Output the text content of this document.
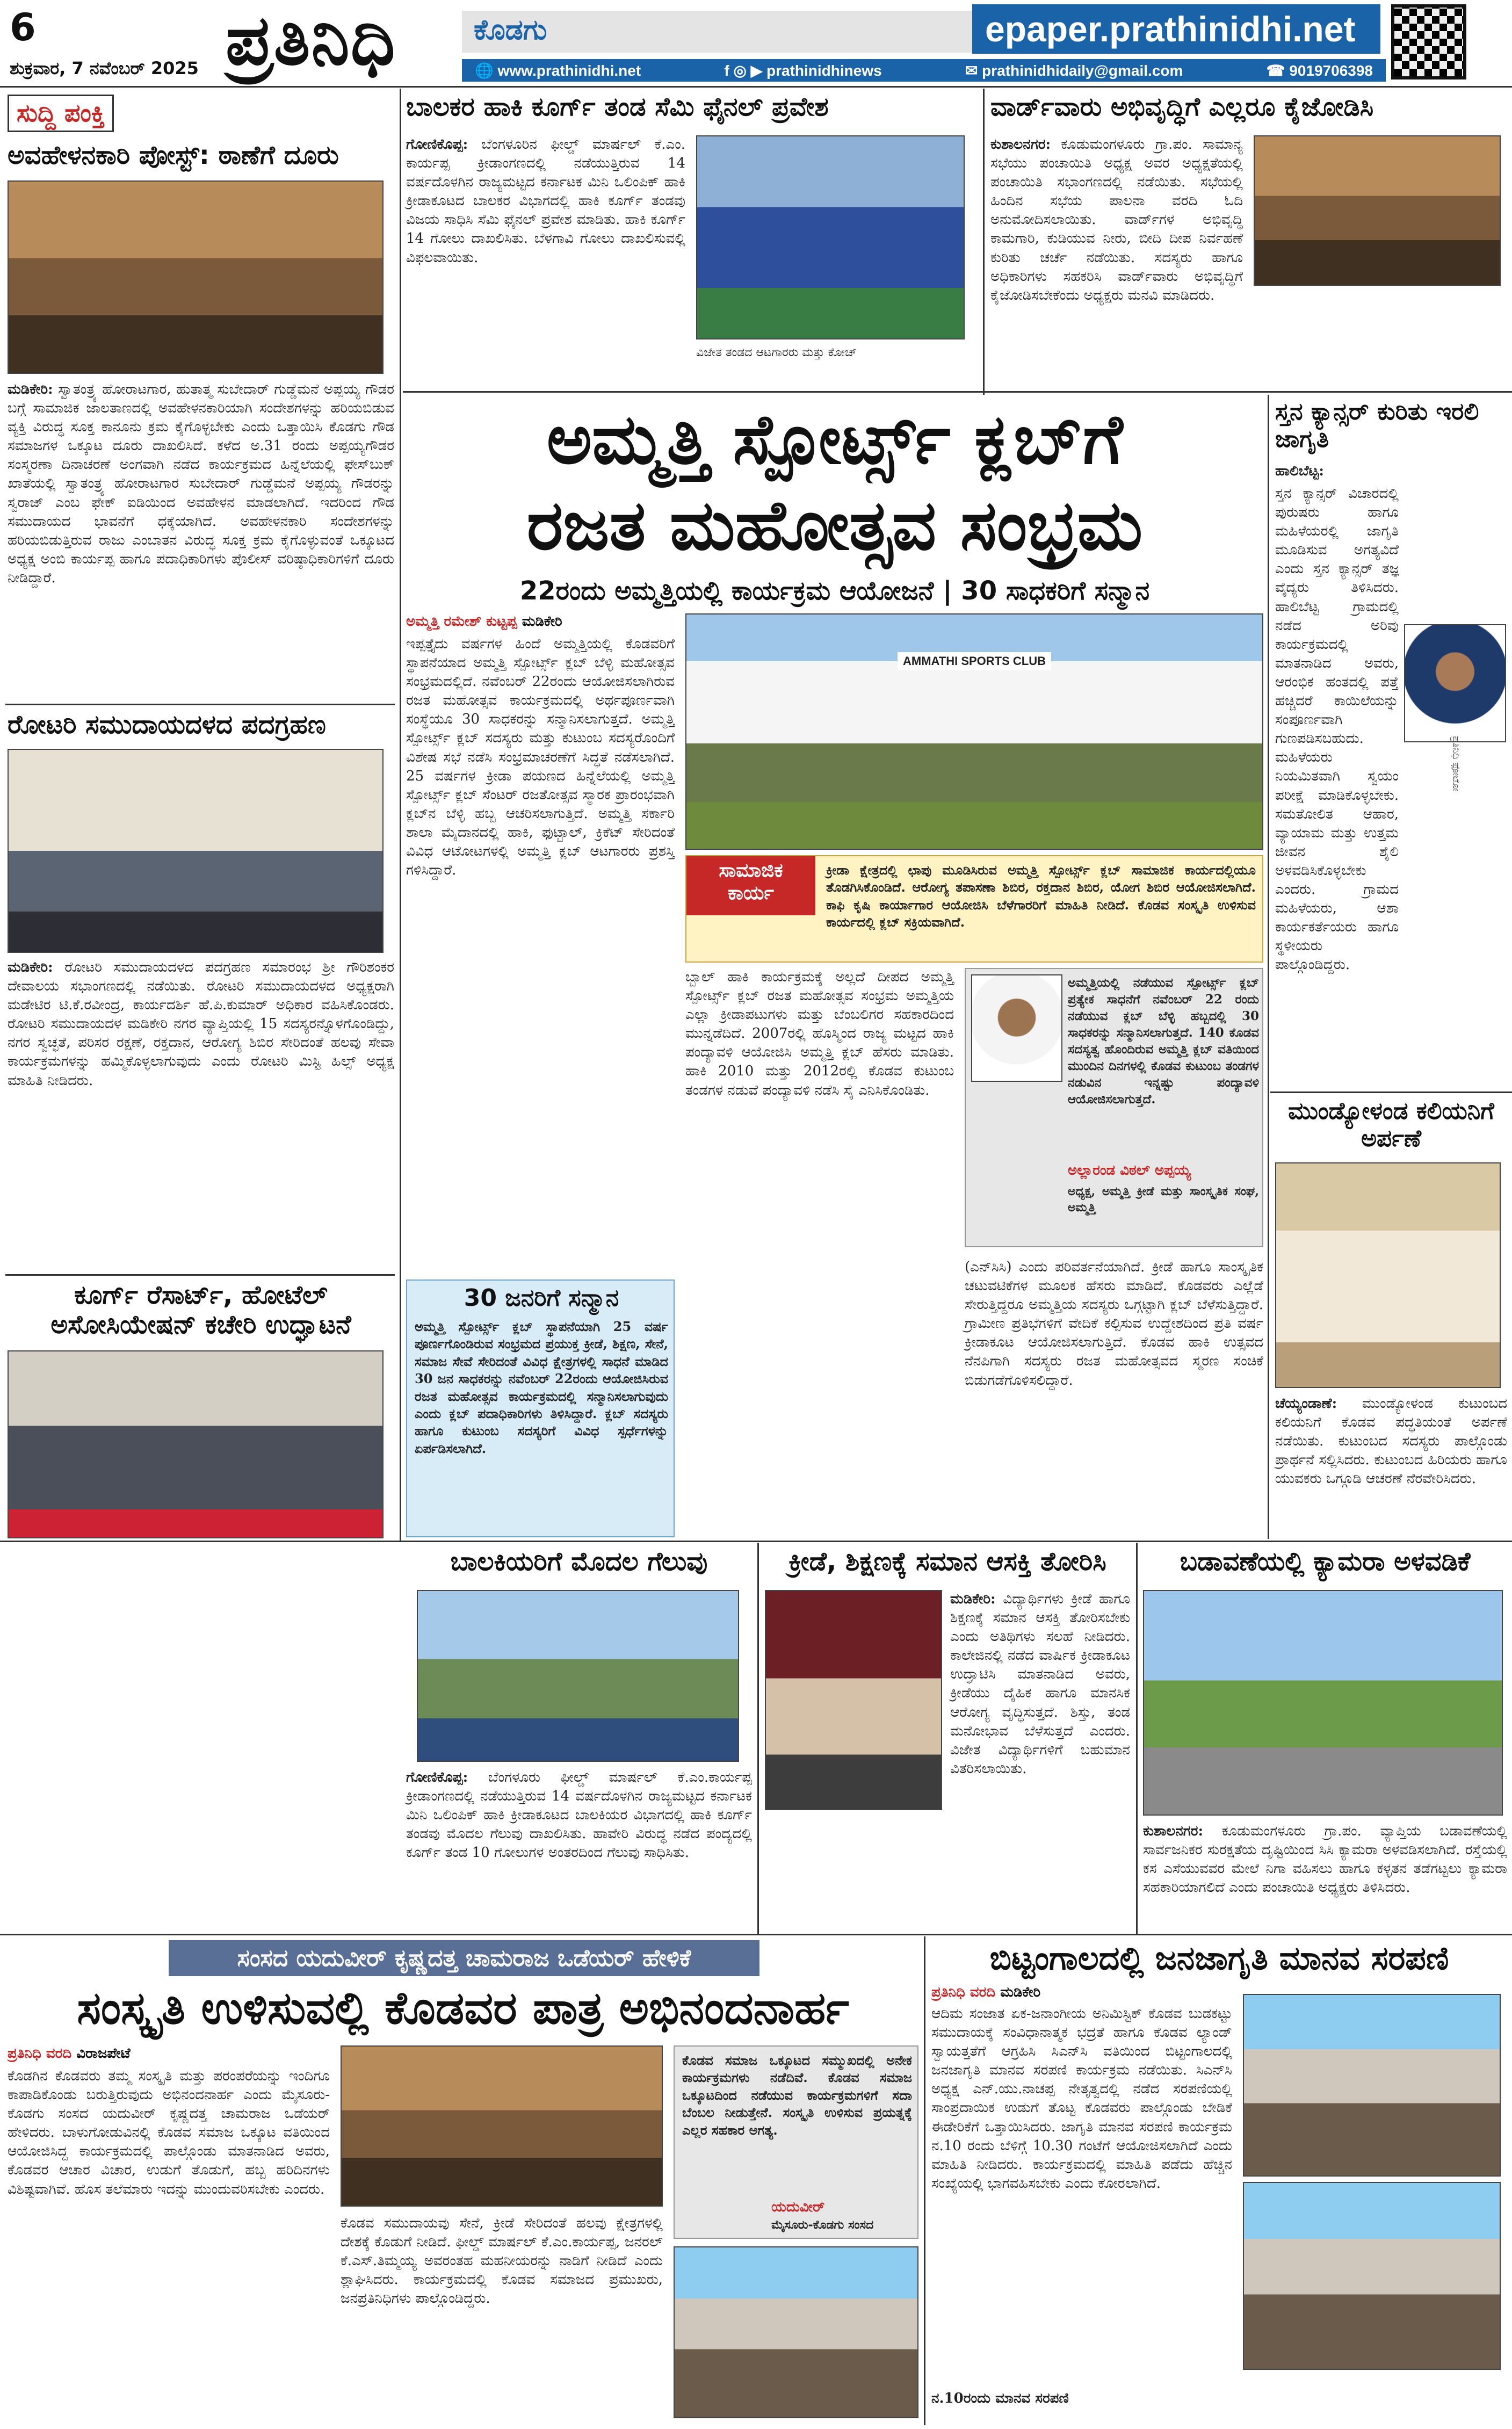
6	ಪ್ರತಿನಿಧಿ	ಕೊಡಗು	epaper.prathinidhi.net
ಶುಕ್ರವಾರ, 7 ನವೆಂಬರ್ 2025	🌐 www.prathinidhi.net	f ◎ ▶ prathinidhinews	✉ prathinidhidaily@gmail.com	☎ 9019706398
ಸುದ್ದಿ ಪಂಕ್ತಿ
ಅವಹೇಳನಕಾರಿ ಪೋಸ್ಟ್: ಠಾಣೆಗೆ ದೂರು
ಮಡಿಕೇರಿ: ಸ್ವಾತಂತ್ರ್ಯ ಹೋರಾಟಗಾರ, ಹುತಾತ್ಮ ಸುಬೇದಾರ್ ಗುಡ್ಡೆಮನೆ ಅಪ್ಪಯ್ಯ ಗೌಡರ ಬಗ್ಗೆ ಸಾಮಾಜಿಕ ಜಾಲತಾಣದಲ್ಲಿ ಅವಹೇಳನಕಾರಿಯಾಗಿ ಸಂದೇಶಗಳನ್ನು ಹರಿಯಬಿಡುವ ವ್ಯಕ್ತಿ ವಿರುದ್ಧ ಸೂಕ್ತ ಕಾನೂನು ಕ್ರಮ ಕೈಗೊಳ್ಳಬೇಕು ಎಂದು ಒತ್ತಾಯಿಸಿ ಕೊಡಗು ಗೌಡ ಸಮಾಜಗಳ ಒಕ್ಕೂಟ ದೂರು ದಾಖಲಿಸಿದೆ. ಕಳೆದ ಅ.31 ರಂದು ಅಪ್ಪಯ್ಯಗೌಡರ ಸಂಸ್ಮರಣಾ ದಿನಾಚರಣೆ ಅಂಗವಾಗಿ ನಡೆದ ಕಾರ್ಯಕ್ರಮದ ಹಿನ್ನೆಲೆಯಲ್ಲಿ ಫೇಸ್‌ಬುಕ್ ಖಾತೆಯಲ್ಲಿ ಸ್ವಾತಂತ್ರ್ಯ ಹೋರಾಟಗಾರ ಸುಬೇದಾರ್ ಗುಡ್ಡೆಮನೆ ಅಪ್ಪಯ್ಯ ಗೌಡರನ್ನು ಸ್ವರಾಜ್ ಎಂಬ ಫೇಕ್ ಐಡಿಯಿಂದ ಅವಹೇಳನ ಮಾಡಲಾಗಿದೆ. ಇದರಿಂದ ಗೌಡ ಸಮುದಾಯದ ಭಾವನೆಗೆ ಧಕ್ಕೆಯಾಗಿದೆ. ಅವಹೇಳನಕಾರಿ ಸಂದೇಶಗಳನ್ನು ಹರಿಯಬಿಡುತ್ತಿರುವ ರಾಜು ಎಂಬಾತನ ವಿರುದ್ಧ ಸೂಕ್ತ ಕ್ರಮ ಕೈಗೊಳ್ಳುವಂತೆ ಒಕ್ಕೂಟದ ಅಧ್ಯಕ್ಷ ಅಂಬಿ ಕಾರ್ಯಪ್ಪ ಹಾಗೂ ಪದಾಧಿಕಾರಿಗಳು ಪೊಲೀಸ್ ವರಿಷ್ಠಾಧಿಕಾರಿಗಳಿಗೆ ದೂರು ನೀಡಿದ್ದಾರೆ.
ರೋಟರಿ ಸಮುದಾಯದಳದ ಪದಗ್ರಹಣ
ಮಡಿಕೇರಿ: ರೋಟರಿ ಸಮುದಾಯದಳದ ಪದಗ್ರಹಣ ಸಮಾರಂಭ ಶ್ರೀ ಗೌರಿಶಂಕರ ದೇವಾಲಯ ಸಭಾಂಗಣದಲ್ಲಿ ನಡೆಯಿತು. ರೋಟರಿ ಸಮುದಾಯದಳದ ಅಧ್ಯಕ್ಷರಾಗಿ ಮಡೇಟಿರ ಟಿ.ಕೆ.ರವೀಂದ್ರ, ಕಾರ್ಯದರ್ಶಿ ಹೆ.ಪಿ.ಕುಮಾರ್ ಅಧಿಕಾರ ವಹಿಸಿಕೊಂಡರು. ರೋಟರಿ ಸಮುದಾಯದಳ ಮಡಿಕೇರಿ ನಗರ ವ್ಯಾಪ್ತಿಯಲ್ಲಿ 15 ಸದಸ್ಯರನ್ನೊಳಗೊಂಡಿದ್ದು, ನಗರ ಸ್ವಚ್ಛತೆ, ಪರಿಸರ ರಕ್ಷಣೆ, ರಕ್ತದಾನ, ಆರೋಗ್ಯ ಶಿಬಿರ ಸೇರಿದಂತೆ ಹಲವು ಸೇವಾ ಕಾರ್ಯಕ್ರಮಗಳನ್ನು ಹಮ್ಮಿಕೊಳ್ಳಲಾಗುವುದು ಎಂದು ರೋಟರಿ ಮಿಸ್ಟಿ ಹಿಲ್ಸ್ ಅಧ್ಯಕ್ಷ ಮಾಹಿತಿ ನೀಡಿದರು.
ಕೂರ್ಗ್ ರೆಸಾರ್ಟ್, ಹೋಟೆಲ್ ಅಸೋಸಿಯೇಷನ್ ಕಚೇರಿ ಉದ್ಘಾಟನೆ
ಬಾಲಕರ ಹಾಕಿ ಕೂರ್ಗ್ ತಂಡ ಸೆಮಿ ಫೈನಲ್ ಪ್ರವೇಶ
ಗೋಣಿಕೊಪ್ಪ: ಬೆಂಗಳೂರಿನ ಫೀಲ್ಡ್ ಮಾರ್ಷಲ್ ಕೆ.ಎಂ. ಕಾರ್ಯಪ್ಪ ಕ್ರೀಡಾಂಗಣದಲ್ಲಿ ನಡೆಯುತ್ತಿರುವ 14 ವರ್ಷದೊಳಗಿನ ರಾಜ್ಯಮಟ್ಟದ ಕರ್ನಾಟಕ ಮಿನಿ ಒಲಿಂಪಿಕ್ ಹಾಕಿ ಕ್ರೀಡಾಕೂಟದ ಬಾಲಕರ ವಿಭಾಗದಲ್ಲಿ ಹಾಕಿ ಕೂರ್ಗ್ ತಂಡವು ವಿಜಯ ಸಾಧಿಸಿ ಸೆಮಿ ಫೈನಲ್ ಪ್ರವೇಶ ಮಾಡಿತು. ಹಾಕಿ ಕೂರ್ಗ್ 14 ಗೋಲು ದಾಖಲಿಸಿತು. ಬೆಳಗಾವಿ ಗೋಲು ದಾಖಲಿಸುವಲ್ಲಿ ವಿಫಲವಾಯಿತು.
ವಿಜೇತ ತಂಡದ ಆಟಗಾರರು ಮತ್ತು ಕೋಚ್
ವಾರ್ಡ್‌ವಾರು ಅಭಿವೃದ್ಧಿಗೆ ಎಲ್ಲರೂ ಕೈಜೋಡಿಸಿ
ಕುಶಾಲನಗರ: ಕೂಡುಮಂಗಳೂರು ಗ್ರಾ.ಪಂ. ಸಾಮಾನ್ಯ ಸಭೆಯು ಪಂಚಾಯಿತಿ ಅಧ್ಯಕ್ಷ ಅವರ ಅಧ್ಯಕ್ಷತೆಯಲ್ಲಿ ಪಂಚಾಯಿತಿ ಸಭಾಂಗಣದಲ್ಲಿ ನಡೆಯಿತು. ಸಭೆಯಲ್ಲಿ ಹಿಂದಿನ ಸಭೆಯ ಪಾಲನಾ ವರದಿ ಓದಿ ಅನುಮೋದಿಸಲಾಯಿತು. ವಾರ್ಡ್‌ಗಳ ಅಭಿವೃದ್ಧಿ ಕಾಮಗಾರಿ, ಕುಡಿಯುವ ನೀರು, ಬೀದಿ ದೀಪ ನಿರ್ವಹಣೆ ಕುರಿತು ಚರ್ಚೆ ನಡೆಯಿತು. ಸದಸ್ಯರು ಹಾಗೂ ಅಧಿಕಾರಿಗಳು ಸಹಕರಿಸಿ ವಾರ್ಡ್‌ವಾರು ಅಭಿವೃದ್ಧಿಗೆ ಕೈಜೋಡಿಸಬೇಕೆಂದು ಅಧ್ಯಕ್ಷರು ಮನವಿ ಮಾಡಿದರು.
ಅಮ್ಮತ್ತಿ ಸ್ಪೋರ್ಟ್ಸ್ ಕ್ಲಬ್‌ಗೆ
ರಜತ ಮಹೋತ್ಸವ ಸಂಭ್ರಮ
22ರಂದು ಅಮ್ಮತ್ತಿಯಲ್ಲಿ ಕಾರ್ಯಕ್ರಮ ಆಯೋಜನೆ | 30 ಸಾಧಕರಿಗೆ ಸನ್ಮಾನ
ಅಮ್ಮತ್ತಿ ರಮೇಶ್ ಕುಟ್ಟಪ್ಪ ಮಡಿಕೇರಿ
ಇಪ್ಪತ್ತೈದು ವರ್ಷಗಳ ಹಿಂದೆ ಅಮ್ಮತ್ತಿಯಲ್ಲಿ ಕೊಡವರಿಗೆ ಸ್ಥಾಪನೆಯಾದ ಅಮ್ಮತ್ತಿ ಸ್ಪೋರ್ಟ್ಸ್ ಕ್ಲಬ್ ಬೆಳ್ಳಿ ಮಹೋತ್ಸವ ಸಂಭ್ರಮದಲ್ಲಿದೆ. ನವೆಂಬರ್ 22ರಂದು ಆಯೋಜಿಸಲಾಗಿರುವ ರಜತ ಮಹೋತ್ಸವ ಕಾರ್ಯಕ್ರಮದಲ್ಲಿ ಅರ್ಥಪೂರ್ಣವಾಗಿ ಸಂಸ್ಥೆಯೂ 30 ಸಾಧಕರನ್ನು ಸನ್ಮಾನಿಸಲಾಗುತ್ತದೆ. ಅಮ್ಮತ್ತಿ ಸ್ಪೋರ್ಟ್ಸ್ ಕ್ಲಬ್ ಸದಸ್ಯರು ಮತ್ತು ಕುಟುಂಬ ಸದಸ್ಯರೊಂದಿಗೆ ವಿಶೇಷ ಸಭೆ ನಡೆಸಿ ಸಂಭ್ರಮಾಚರಣೆಗೆ ಸಿದ್ಧತೆ ನಡೆಸಲಾಗಿದೆ. 25 ವರ್ಷಗಳ ಕ್ರೀಡಾ ಪಯಣದ ಹಿನ್ನೆಲೆಯಲ್ಲಿ ಅಮ್ಮತ್ತಿ ಸ್ಪೋರ್ಟ್ಸ್ ಕ್ಲಬ್ ಸೆಂಟರ್ ರಜತೋತ್ಸವ ಸ್ಮಾರಕ ಪ್ರಾರಂಭವಾಗಿ ಕ್ಲಬ್‌ನ ಬೆಳ್ಳಿ ಹಬ್ಬ ಆಚರಿಸಲಾಗುತ್ತಿದೆ. ಅಮ್ಮತ್ತಿ ಸರ್ಕಾರಿ ಶಾಲಾ ಮೈದಾನದಲ್ಲಿ ಹಾಕಿ, ಫುಟ್ಬಾಲ್, ಕ್ರಿಕೆಟ್ ಸೇರಿದಂತೆ ವಿವಿಧ ಆಟೋಟಗಳಲ್ಲಿ ಅಮ್ಮತ್ತಿ ಕ್ಲಬ್ ಆಟಗಾರರು ಪ್ರಶಸ್ತಿ ಗಳಿಸಿದ್ದಾರೆ.
AMMATHI SPORTS CLUB
ಸಾಮಾಜಿಕ ಕಾರ್ಯ
ಕ್ರೀಡಾ ಕ್ಷೇತ್ರದಲ್ಲಿ ಛಾಪು ಮೂಡಿಸಿರುವ ಅಮ್ಮತ್ತಿ ಸ್ಪೋರ್ಟ್ಸ್ ಕ್ಲಬ್ ಸಾಮಾಜಿಕ ಕಾರ್ಯದಲ್ಲಿಯೂ ತೊಡಗಿಸಿಕೊಂಡಿದೆ. ಆರೋಗ್ಯ ತಪಾಸಣಾ ಶಿಬಿರ, ರಕ್ತದಾನ ಶಿಬಿರ, ಯೋಗ ಶಿಬಿರ ಆಯೋಜಿಸಲಾಗಿದೆ. ಕಾಫಿ ಕೃಷಿ ಕಾರ್ಯಾಗಾರ ಆಯೋಜಿಸಿ ಬೆಳೆಗಾರರಿಗೆ ಮಾಹಿತಿ ನೀಡಿದೆ. ಕೊಡವ ಸಂಸ್ಕೃತಿ ಉಳಿಸುವ ಕಾರ್ಯದಲ್ಲಿ ಕ್ಲಬ್ ಸಕ್ರಿಯವಾಗಿದೆ.
ಬ್ಬಾಲ್ ಹಾಕಿ ಕಾರ್ಯಕ್ರಮಕ್ಕೆ ಅಲ್ಲದೆ ದೀಪದ ಅಮ್ಮತ್ತಿ ಸ್ಪೋರ್ಟ್ಸ್ ಕ್ಲಬ್ ರಜತ ಮಹೋತ್ಸವ ಸಂಭ್ರಮ ಅಮ್ಮತ್ತಿಯ ಎಲ್ಲಾ ಕ್ರೀಡಾಪಟುಗಳು ಮತ್ತು ಬೆಂಬಲಿಗರ ಸಹಕಾರದಿಂದ ಮುನ್ನಡೆದಿದೆ. 2007ರಲ್ಲಿ ಹೊಸ್ಮಿಂದ ರಾಜ್ಯ ಮಟ್ಟದ ಹಾಕಿ ಪಂದ್ಯಾವಳಿ ಆಯೋಜಿಸಿ ಅಮ್ಮತ್ತಿ ಕ್ಲಬ್ ಹೆಸರು ಮಾಡಿತು. ಹಾಕಿ 2010 ಮತ್ತು 2012ರಲ್ಲಿ ಕೊಡವ ಕುಟುಂಬ ತಂಡಗಳ ನಡುವೆ ಪಂದ್ಯಾವಳಿ ನಡೆಸಿ ಸೈ ಎನಿಸಿಕೊಂಡಿತು.
ಅಮ್ಮತ್ತಿಯಲ್ಲಿ ನಡೆಯುವ ಸ್ಪೋರ್ಟ್ಸ್ ಕ್ಲಬ್ ಪ್ರತ್ಯೇಕ ಸಾಧನೆಗೆ ನವೆಂಬರ್ 22 ರಂದು ನಡೆಯುವ ಕ್ಲಬ್ ಬೆಳ್ಳಿ ಹಬ್ಬದಲ್ಲಿ 30 ಸಾಧಕರನ್ನು ಸನ್ಮಾನಿಸಲಾಗುತ್ತದೆ. 140 ಕೊಡವ ಸದಸ್ಯತ್ವ ಹೊಂದಿರುವ ಅಮ್ಮತ್ತಿ ಕ್ಲಬ್ ವತಿಯಿಂದ ಮುಂದಿನ ದಿನಗಳಲ್ಲಿ ಕೊಡವ ಕುಟುಂಬ ತಂಡಗಳ ನಡುವಿನ ಇನ್ನಷ್ಟು ಪಂದ್ಯಾವಳಿ ಆಯೋಜಿಸಲಾಗುತ್ತದೆ.
ಅಲ್ಲಾರಂಡ ವಿಠಲ್ ಅಪ್ಪಯ್ಯ
ಅಧ್ಯಕ್ಷ, ಅಮ್ಮತ್ತಿ ಕ್ರೀಡೆ ಮತ್ತು ಸಾಂಸ್ಕೃತಿಕ ಸಂಘ, ಅಮ್ಮತ್ತಿ
(ಎನ್‌ಸಿಸಿ) ಎಂದು ಪರಿವರ್ತನೆಯಾಗಿದೆ. ಕ್ರೀಡೆ ಹಾಗೂ ಸಾಂಸ್ಕೃತಿಕ ಚಟುವಟಿಕೆಗಳ ಮೂಲಕ ಹೆಸರು ಮಾಡಿದೆ. ಕೊಡವರು ಎಲ್ಲೆಡೆ ಸೇರುತ್ತಿದ್ದರೂ ಅಮ್ಮತ್ತಿಯ ಸದಸ್ಯರು ಒಗ್ಗಟ್ಟಾಗಿ ಕ್ಲಬ್ ಬೆಳೆಸುತ್ತಿದ್ದಾರೆ. ಗ್ರಾಮೀಣ ಪ್ರತಿಭೆಗಳಿಗೆ ವೇದಿಕೆ ಕಲ್ಪಿಸುವ ಉದ್ದೇಶದಿಂದ ಪ್ರತಿ ವರ್ಷ ಕ್ರೀಡಾಕೂಟ ಆಯೋಜಿಸಲಾಗುತ್ತಿದೆ. ಕೊಡವ ಹಾಕಿ ಉತ್ಸವದ ನೆನಪಿಗಾಗಿ ಸದಸ್ಯರು ರಜತ ಮಹೋತ್ಸವದ ಸ್ಮರಣ ಸಂಚಿಕೆ ಬಿಡುಗಡೆಗೊಳಿಸಲಿದ್ದಾರೆ.
30 ಜನರಿಗೆ ಸನ್ಮಾನ
ಅಮ್ಮತ್ತಿ ಸ್ಪೋರ್ಟ್ಸ್ ಕ್ಲಬ್ ಸ್ಥಾಪನೆಯಾಗಿ 25 ವರ್ಷ ಪೂರ್ಣಗೊಂಡಿರುವ ಸಂಭ್ರಮದ ಪ್ರಯುಕ್ತ ಕ್ರೀಡೆ, ಶಿಕ್ಷಣ, ಸೇನೆ, ಸಮಾಜ ಸೇವೆ ಸೇರಿದಂತೆ ವಿವಿಧ ಕ್ಷೇತ್ರಗಳಲ್ಲಿ ಸಾಧನೆ ಮಾಡಿದ 30 ಜನ ಸಾಧಕರನ್ನು ನವೆಂಬರ್ 22ರಂದು ಆಯೋಜಿಸಿರುವ ರಜತ ಮಹೋತ್ಸವ ಕಾರ್ಯಕ್ರಮದಲ್ಲಿ ಸನ್ಮಾನಿಸಲಾಗುವುದು ಎಂದು ಕ್ಲಬ್ ಪದಾಧಿಕಾರಿಗಳು ತಿಳಿಸಿದ್ದಾರೆ. ಕ್ಲಬ್ ಸದಸ್ಯರು ಹಾಗೂ ಕುಟುಂಬ ಸದಸ್ಯರಿಗೆ ವಿವಿಧ ಸ್ಪರ್ಧೆಗಳನ್ನು ಏರ್ಪಡಿಸಲಾಗಿದೆ.
ಸ್ತನ ಕ್ಯಾನ್ಸರ್ ಕುರಿತು ಇರಲಿ ಜಾಗೃತಿ
ಹಾಲಿಬೆಟ್ಟ:
ಸ್ತನ ಕ್ಯಾನ್ಸರ್ ವಿಚಾರದಲ್ಲಿ ಪುರುಷರು ಹಾಗೂ ಮಹಿಳೆಯರಲ್ಲಿ ಜಾಗೃತಿ ಮೂಡಿಸುವ ಅಗತ್ಯವಿದೆ ಎಂದು ಸ್ತನ ಕ್ಯಾನ್ಸರ್ ತಜ್ಞ ವೈದ್ಯರು ತಿಳಿಸಿದರು. ಹಾಲಿಬೆಟ್ಟ ಗ್ರಾಮದಲ್ಲಿ ನಡೆದ ಅರಿವು ಕಾರ್ಯಕ್ರಮದಲ್ಲಿ ಮಾತನಾಡಿದ ಅವರು, ಆರಂಭಿಕ ಹಂತದಲ್ಲಿ ಪತ್ತೆ ಹಚ್ಚಿದರೆ ಕಾಯಿಲೆಯನ್ನು ಸಂಪೂರ್ಣವಾಗಿ ಗುಣಪಡಿಸಬಹುದು. ಮಹಿಳೆಯರು ನಿಯಮಿತವಾಗಿ ಸ್ವಯಂ ಪರೀಕ್ಷೆ ಮಾಡಿಕೊಳ್ಳಬೇಕು. ಸಮತೋಲಿತ ಆಹಾರ, ವ್ಯಾಯಾಮ ಮತ್ತು ಉತ್ತಮ ಜೀವನ ಶೈಲಿ ಅಳವಡಿಸಿಕೊಳ್ಳಬೇಕು ಎಂದರು. ಗ್ರಾಮದ ಮಹಿಳೆಯರು, ಆಶಾ ಕಾರ್ಯಕರ್ತೆಯರು ಹಾಗೂ ಸ್ಥಳೀಯರು ಪಾಲ್ಗೊಂಡಿದ್ದರು.
ಮುಂಡ್ಯೋಳಂಡ ಕಲಿಯನಿಗೆ ಅರ್ಪಣೆ
ಚೆಯ್ಯಂಡಾಣೆ: ಮುಂಡ್ಯೋಳಂಡ ಕುಟುಂಬದ ಕಲಿಯನಿಗೆ ಕೊಡವ ಪದ್ಧತಿಯಂತೆ ಅರ್ಪಣೆ ನಡೆಯಿತು. ಕುಟುಂಬದ ಸದಸ್ಯರು ಪಾಲ್ಗೊಂಡು ಪ್ರಾರ್ಥನೆ ಸಲ್ಲಿಸಿದರು. ಕುಟುಂಬದ ಹಿರಿಯರು ಹಾಗೂ ಯುವಕರು ಒಗ್ಗೂಡಿ ಆಚರಣೆ ನೆರವೇರಿಸಿದರು.
ಬಾಲಕಿಯರಿಗೆ ಮೊದಲ ಗೆಲುವು
ಗೋಣಿಕೊಪ್ಪ: ಬೆಂಗಳೂರು ಫೀಲ್ಡ್ ಮಾರ್ಷಲ್ ಕೆ.ಎಂ.ಕಾರ್ಯಪ್ಪ ಕ್ರೀಡಾಂಗಣದಲ್ಲಿ ನಡೆಯುತ್ತಿರುವ 14 ವರ್ಷದೊಳಗಿನ ರಾಜ್ಯಮಟ್ಟದ ಕರ್ನಾಟಕ ಮಿನಿ ಒಲಿಂಪಿಕ್ ಹಾಕಿ ಕ್ರೀಡಾಕೂಟದ ಬಾಲಕಿಯರ ವಿಭಾಗದಲ್ಲಿ ಹಾಕಿ ಕೂರ್ಗ್ ತಂಡವು ಮೊದಲ ಗೆಲುವು ದಾಖಲಿಸಿತು. ಹಾವೇರಿ ವಿರುದ್ಧ ನಡೆದ ಪಂದ್ಯದಲ್ಲಿ ಕೂರ್ಗ್ ತಂಡ 10 ಗೋಲುಗಳ ಅಂತರದಿಂದ ಗೆಲುವು ಸಾಧಿಸಿತು.
ಕ್ರೀಡೆ, ಶಿಕ್ಷಣಕ್ಕೆ ಸಮಾನ ಆಸಕ್ತಿ ತೋರಿಸಿ
ಮಡಿಕೇರಿ: ವಿದ್ಯಾರ್ಥಿಗಳು ಕ್ರೀಡೆ ಹಾಗೂ ಶಿಕ್ಷಣಕ್ಕೆ ಸಮಾನ ಆಸಕ್ತಿ ತೋರಿಸಬೇಕು ಎಂದು ಅತಿಥಿಗಳು ಸಲಹೆ ನೀಡಿದರು. ಕಾಲೇಜಿನಲ್ಲಿ ನಡೆದ ವಾರ್ಷಿಕ ಕ್ರೀಡಾಕೂಟ ಉದ್ಘಾಟಿಸಿ ಮಾತನಾಡಿದ ಅವರು, ಕ್ರೀಡೆಯು ದೈಹಿಕ ಹಾಗೂ ಮಾನಸಿಕ ಆರೋಗ್ಯ ವೃದ್ಧಿಸುತ್ತದೆ. ಶಿಸ್ತು, ತಂಡ ಮನೋಭಾವ ಬೆಳೆಸುತ್ತದೆ ಎಂದರು. ವಿಜೇತ ವಿದ್ಯಾರ್ಥಿಗಳಿಗೆ ಬಹುಮಾನ ವಿತರಿಸಲಾಯಿತು.
ಬಡಾವಣೆಯಲ್ಲಿ ಕ್ಯಾಮರಾ ಅಳವಡಿಕೆ
ಕುಶಾಲನಗರ: ಕೂಡುಮಂಗಳೂರು ಗ್ರಾ.ಪಂ. ವ್ಯಾಪ್ತಿಯ ಬಡಾವಣೆಯಲ್ಲಿ ಸಾರ್ವಜನಿಕರ ಸುರಕ್ಷತೆಯ ದೃಷ್ಟಿಯಿಂದ ಸಿಸಿ ಕ್ಯಾಮರಾ ಅಳವಡಿಸಲಾಗಿದೆ. ರಸ್ತೆಯಲ್ಲಿ ಕಸ ಎಸೆಯುವವರ ಮೇಲೆ ನಿಗಾ ವಹಿಸಲು ಹಾಗೂ ಕಳ್ಳತನ ತಡೆಗಟ್ಟಲು ಕ್ಯಾಮರಾ ಸಹಕಾರಿಯಾಗಲಿದೆ ಎಂದು ಪಂಚಾಯಿತಿ ಅಧ್ಯಕ್ಷರು ತಿಳಿಸಿದರು.
ಸಂಸದ ಯದುವೀರ್ ಕೃಷ್ಣದತ್ತ ಚಾಮರಾಜ ಒಡೆಯರ್ ಹೇಳಿಕೆ
ಸಂಸ್ಕೃತಿ ಉಳಿಸುವಲ್ಲಿ ಕೊಡವರ ಪಾತ್ರ ಅಭಿನಂದನಾರ್ಹ
ಪ್ರತಿನಿಧಿ ವರದಿ ವಿರಾಜಪೇಟೆ
ಕೊಡಗಿನ ಕೊಡವರು ತಮ್ಮ ಸಂಸ್ಕೃತಿ ಮತ್ತು ಪರಂಪರೆಯನ್ನು ಇಂದಿಗೂ ಕಾಪಾಡಿಕೊಂಡು ಬರುತ್ತಿರುವುದು ಅಭಿನಂದನಾರ್ಹ ಎಂದು ಮೈಸೂರು-ಕೊಡಗು ಸಂಸದ ಯದುವೀರ್ ಕೃಷ್ಣದತ್ತ ಚಾಮರಾಜ ಒಡೆಯರ್ ಹೇಳಿದರು. ಬಾಳುಗೋಡುವಿನಲ್ಲಿ ಕೊಡವ ಸಮಾಜ ಒಕ್ಕೂಟ ವತಿಯಿಂದ ಆಯೋಜಿಸಿದ್ದ ಕಾರ್ಯಕ್ರಮದಲ್ಲಿ ಪಾಲ್ಗೊಂಡು ಮಾತನಾಡಿದ ಅವರು, ಕೊಡವರ ಆಚಾರ ವಿಚಾರ, ಉಡುಗೆ ತೊಡುಗೆ, ಹಬ್ಬ ಹರಿದಿನಗಳು ವಿಶಿಷ್ಟವಾಗಿವೆ. ಹೊಸ ತಲೆಮಾರು ಇದನ್ನು ಮುಂದುವರಿಸಬೇಕು ಎಂದರು.
ಕೊಡವ ಸಮುದಾಯವು ಸೇನೆ, ಕ್ರೀಡೆ ಸೇರಿದಂತೆ ಹಲವು ಕ್ಷೇತ್ರಗಳಲ್ಲಿ ದೇಶಕ್ಕೆ ಕೊಡುಗೆ ನೀಡಿದೆ. ಫೀಲ್ಡ್ ಮಾರ್ಷಲ್ ಕೆ.ಎಂ.ಕಾರ್ಯಪ್ಪ, ಜನರಲ್ ಕೆ.ಎಸ್.ತಿಮ್ಮಯ್ಯ ಅವರಂತಹ ಮಹನೀಯರನ್ನು ನಾಡಿಗೆ ನೀಡಿದೆ ಎಂದು ಶ್ಲಾಘಿಸಿದರು. ಕಾರ್ಯಕ್ರಮದಲ್ಲಿ ಕೊಡವ ಸಮಾಜದ ಪ್ರಮುಖರು, ಜನಪ್ರತಿನಿಧಿಗಳು ಪಾಲ್ಗೊಂಡಿದ್ದರು.
ಕೊಡವ ಸಮಾಜ ಒಕ್ಕೂಟದ ಸಮ್ಮುಖದಲ್ಲಿ ಅನೇಕ ಕಾರ್ಯಕ್ರಮಗಳು ನಡೆದಿವೆ. ಕೊಡವ ಸಮಾಜ ಒಕ್ಕೂಟದಿಂದ ನಡೆಯುವ ಕಾರ್ಯಕ್ರಮಗಳಿಗೆ ಸದಾ ಬೆಂಬಲ ನೀಡುತ್ತೇನೆ. ಸಂಸ್ಕೃತಿ ಉಳಿಸುವ ಪ್ರಯತ್ನಕ್ಕೆ ಎಲ್ಲರ ಸಹಕಾರ ಅಗತ್ಯ.
ಯದುವೀರ್
ಮೈಸೂರು-ಕೊಡಗು ಸಂಸದ
ಬಿಟ್ಟಂಗಾಲದಲ್ಲಿ ಜನಜಾಗೃತಿ ಮಾನವ ಸರಪಣಿ
ಪ್ರತಿನಿಧಿ ವರದಿ ಮಡಿಕೇರಿ
ಆದಿಮ ಸಂಜಾತ ಏಕ-ಜನಾಂಗೀಯ ಅನಿಮಿಸ್ಟಿಕ್ ಕೊಡವ ಬುಡಕಟ್ಟು ಸಮುದಾಯಕ್ಕೆ ಸಂವಿಧಾನಾತ್ಮಕ ಭದ್ರತೆ ಹಾಗೂ ಕೊಡವ ಲ್ಯಾಂಡ್ ಸ್ವಾಯತ್ತತೆಗೆ ಆಗ್ರಹಿಸಿ ಸಿಎನ್‌ಸಿ ವತಿಯಿಂದ ಬಿಟ್ಟಂಗಾಲದಲ್ಲಿ ಜನಜಾಗೃತಿ ಮಾನವ ಸರಪಣಿ ಕಾರ್ಯಕ್ರಮ ನಡೆಯಿತು. ಸಿಎನ್‌ಸಿ ಅಧ್ಯಕ್ಷ ಎನ್.ಯು.ನಾಚಪ್ಪ ನೇತೃತ್ವದಲ್ಲಿ ನಡೆದ ಸರಪಣಿಯಲ್ಲಿ ಸಾಂಪ್ರದಾಯಿಕ ಉಡುಗೆ ತೊಟ್ಟ ಕೊಡವರು ಪಾಲ್ಗೊಂಡು ಬೇಡಿಕೆ ಈಡೇರಿಕೆಗೆ ಒತ್ತಾಯಿಸಿದರು. ಜಾಗೃತಿ ಮಾನವ ಸರಪಣಿ ಕಾರ್ಯಕ್ರಮ ನ.10 ರಂದು ಬೆಳಿಗ್ಗೆ 10.30 ಗಂಟೆಗೆ ಆಯೋಜಿಸಲಾಗಿದೆ ಎಂದು ಮಾಹಿತಿ ನೀಡಿದರು. ಕಾರ್ಯಕ್ರಮದಲ್ಲಿ ಮಾಹಿತಿ ಪಡೆದು ಹೆಚ್ಚಿನ ಸಂಖ್ಯೆಯಲ್ಲಿ ಭಾಗವಹಿಸಬೇಕು ಎಂದು ಕೋರಲಾಗಿದೆ.
ನ.10ರಂದು ಮಾನವ ಸರಪಣಿ
ಪ್ರತಿನಿಧಿ ಫೋಟೋ
